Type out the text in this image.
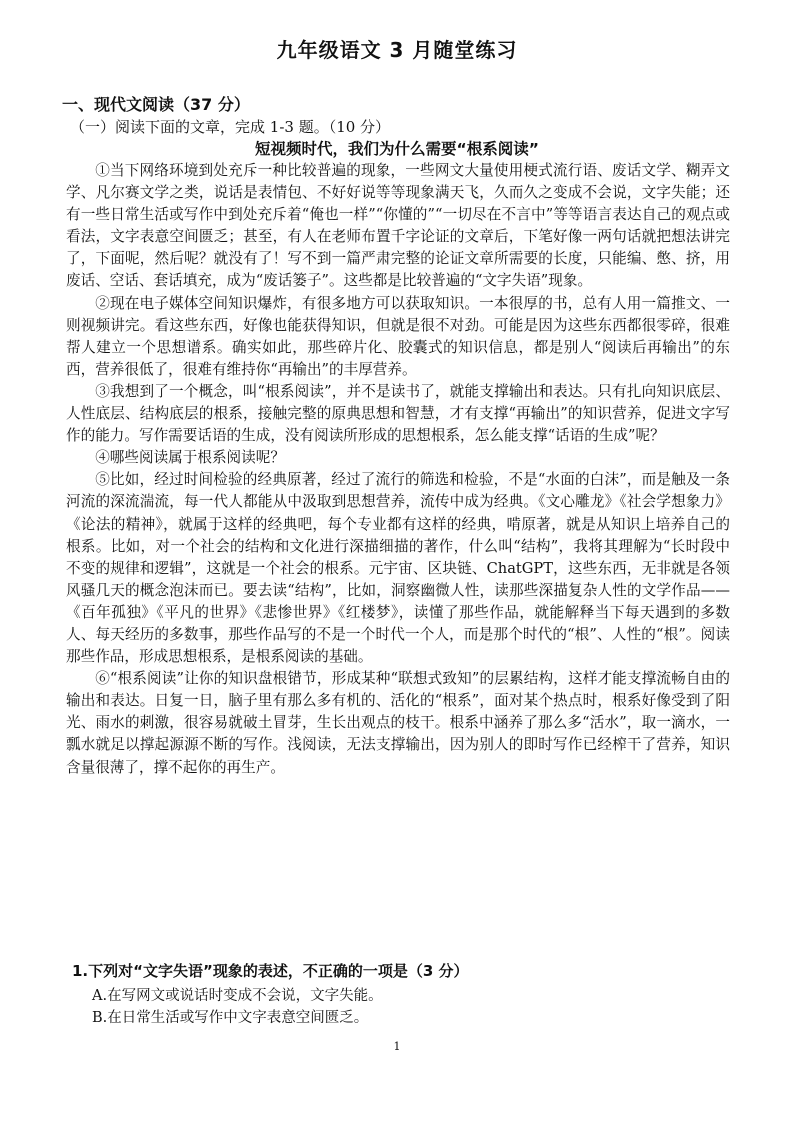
九年级语文 3 月随堂练习
一、现代文阅读（37 分）
（一）阅读下面的文章，完成 1-3 题。（10 分）
短视频时代，我们为什么需要“根系阅读”

①当下网络环境到处充斥一种比较普遍的现象，一些网文大量使用梗式流行语、废话文学、糊弄文学、凡尔赛文学之类，说话是表情包、不好好说等等现象满天飞，久而久之变成不会说，文字失能；还有一些日常生活或写作中到处充斥着“俺也一样”“你懂的”“一切尽在不言中”等等语言表达自己的观点或看法，文字表意空间匮乏；甚至，有人在老师布置千字论证的文章后，下笔好像一两句话就把想法讲完了，下面呢，然后呢？就没有了！写不到一篇严肃完整的论证文章所需要的长度，只能编、憋、挤，用废话、空话、套话填充，成为“废话篓子”。这些都是比较普遍的“文字失语”现象。

②现在电子媒体空间知识爆炸，有很多地方可以获取知识。一本很厚的书，总有人用一篇推文、一则视频讲完。看这些东西，好像也能获得知识，但就是很不对劲。可能是因为这些东西都很零碎，很难帮人建立一个思想谱系。确实如此，那些碎片化、胶囊式的知识信息，都是别人“阅读后再输出”的东西，营养很低了，很难有维持你“再输出”的丰厚营养。

③我想到了一个概念，叫“根系阅读”，并不是读书了，就能支撑输出和表达。只有扎向知识底层、人性底层、结构底层的根系，接触完整的原典思想和智慧，才有支撑“再输出”的知识营养，促进文字写作的能力。写作需要话语的生成，没有阅读所形成的思想根系，怎么能支撑“话语的生成”呢？

④哪些阅读属于根系阅读呢？

⑤比如，经过时间检验的经典原著，经过了流行的筛选和检验，不是“水面的白沫”，而是触及一条河流的深流湍流，每一代人都能从中汲取到思想营养，流传中成为经典。《文心雕龙》《社会学想象力》《论法的精神》，就属于这样的经典吧，每个专业都有这样的经典，啃原著，就是从知识上培养自己的根系。比如，对一个社会的结构和文化进行深描细描的著作，什么叫“结构”，我将其理解为“长时段中不变的规律和逻辑”，这就是一个社会的根系。元宇宙、区块链、ChatGPT，这些东西，无非就是各领风骚几天的概念泡沫而已。要去读“结构”，比如，洞察幽微人性，读那些深描复杂人性的文学作品——《百年孤独》《平凡的世界》《悲惨世界》《红楼梦》，读懂了那些作品，就能解释当下每天遇到的多数人、每天经历的多数事，那些作品写的不是一个时代一个人，而是那个时代的“根”、人性的“根”。阅读那些作品，形成思想根系，是根系阅读的基础。

⑥“根系阅读”让你的知识盘根错节，形成某种“联想式致知”的层累结构，这样才能支撑流畅自由的输出和表达。日复一日，脑子里有那么多有机的、活化的“根系”，面对某个热点时，根系好像受到了阳光、雨水的刺激，很容易就破土冒芽，生长出观点的枝干。根系中涵养了那么多“活水”，取一滴水，一瓢水就足以撑起源源不断的写作。浅阅读，无法支撑输出，因为别人的即时写作已经榨干了营养，知识含量很薄了，撑不起你的再生产。

1.下列对“文字失语”现象的表述，不正确的一项是（3 分）
A.在写网文或说话时变成不会说，文字失能。
B.在日常生活或写作中文字表意空间匮乏。
1
